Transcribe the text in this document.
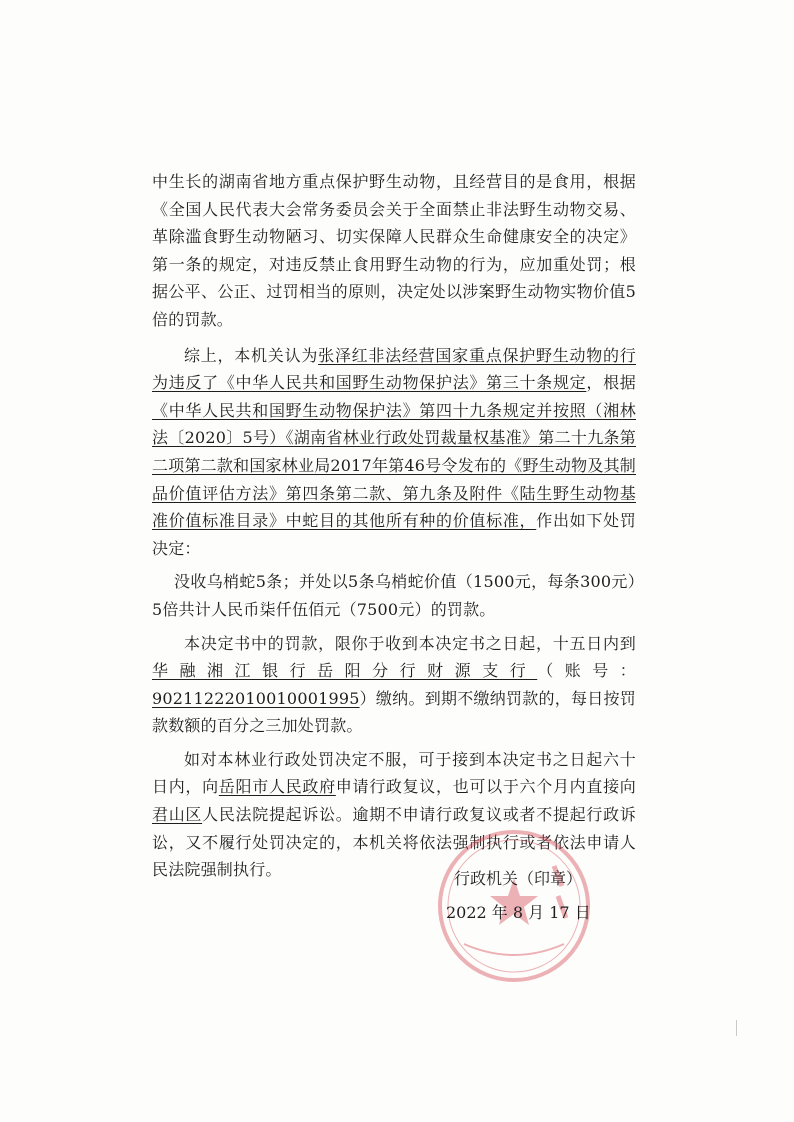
中生长的湖南省地方重点保护野生动物，且经营目的是食用，根据《全国人民代表大会常务委员会关于全面禁止非法野生动物交易、革除滥食野生动物陋习、切实保障人民群众生命健康安全的决定》第一条的规定，对违反禁止食用野生动物的行为，应加重处罚；根据公平、公正、过罚相当的原则，决定处以涉案野生动物实物价值5倍的罚款。

综上，本机关认为张泽红非法经营国家重点保护野生动物的行为违反了《中华人民共和国野生动物保护法》第三十条规定，根据《中华人民共和国野生动物保护法》第四十九条规定并按照（湘林法〔2020〕5号）《湖南省林业行政处罚裁量权基准》第二十九条第二项第二款和国家林业局2017年第46号令发布的《野生动物及其制品价值评估方法》第四条第二款、第九条及附件《陆生野生动物基准价值标准目录》中蛇目的其他所有种的价值标准，作出如下处罚决定：

没收乌梢蛇5条；并处以5条乌梢蛇价值（1500元，每条300元）5倍共计人民币柒仟伍佰元（7500元）的罚款。

本决定书中的罚款，限你于收到本决定书之日起，十五日内到华融湘江银行岳阳分行财源支行（账号：90211222010010001995）缴纳。到期不缴纳罚款的，每日按罚款数额的百分之三加处罚款。

如对本林业行政处罚决定不服，可于接到本决定书之日起六十日内，向岳阳市人民政府申请行政复议，也可以于六个月内直接向君山区人民法院提起诉讼。逾期不申请行政复议或者不提起行政诉讼，又不履行处罚决定的，本机关将依法强制执行或者依法申请人民法院强制执行。	行政机关（印章）
2022 年 8 月 17 日
